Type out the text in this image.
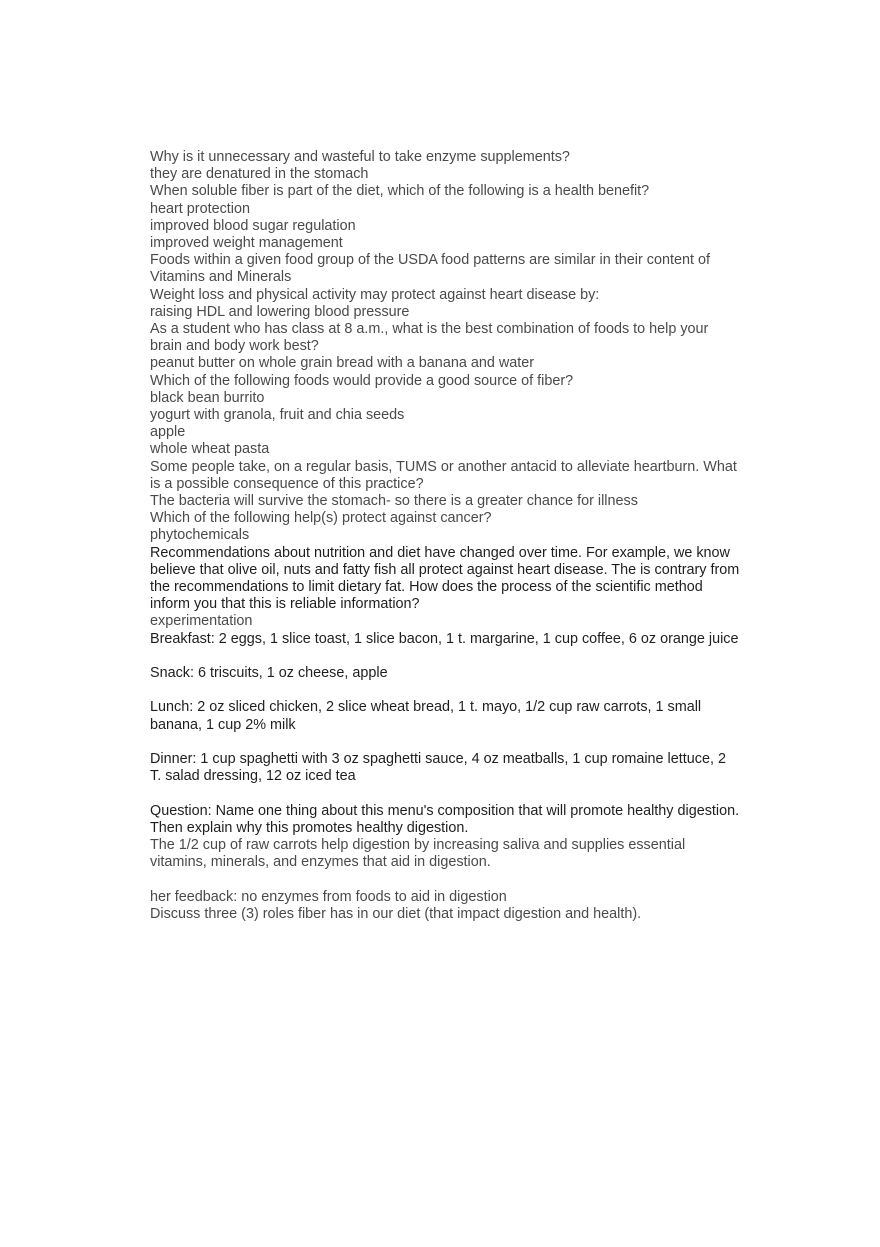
Why is it unnecessary and wasteful to take enzyme supplements?

they are denatured in the stomach

When soluble fiber is part of the diet, which of the following is a health benefit?

heart protection

improved blood sugar regulation

improved weight management

Foods within a given food group of the USDA food patterns are similar in their content of Vitamins and Minerals

Weight loss and physical activity may protect against heart disease by:

raising HDL and lowering blood pressure

As a student who has class at 8 a.m., what is the best combination of foods to help your brain and body work best?

peanut butter on whole grain bread with a banana and water

Which of the following foods would provide a good source of fiber?

black bean burrito

yogurt with granola, fruit and chia seeds

apple

whole wheat pasta

Some people take, on a regular basis, TUMS or another antacid to alleviate heartburn. What is a possible consequence of this practice?

The bacteria will survive the stomach- so there is a greater chance for illness

Which of the following help(s) protect against cancer?

phytochemicals

Recommendations about nutrition and diet have changed over time. For example, we know believe that olive oil, nuts and fatty fish all protect against heart disease. The is contrary from the recommendations to limit dietary fat. How does the process of the scientific method inform you that this is reliable information?

experimentation

Breakfast: 2 eggs, 1 slice toast, 1 slice bacon, 1 t. margarine, 1 cup coffee, 6 oz orange juice

Snack: 6 triscuits, 1 oz cheese, apple

Lunch: 2 oz sliced chicken, 2 slice wheat bread, 1 t. mayo, 1/2 cup raw carrots, 1 small banana, 1 cup 2% milk

Dinner: 1 cup spaghetti with 3 oz spaghetti sauce, 4 oz meatballs, 1 cup romaine lettuce, 2 T. salad dressing, 12 oz iced tea

Question: Name one thing about this menu's composition that will promote healthy digestion. Then explain why this promotes healthy digestion.

The 1/2 cup of raw carrots help digestion by increasing saliva and supplies essential vitamins, minerals, and enzymes that aid in digestion.

her feedback: no enzymes from foods to aid in digestion

Discuss three (3) roles fiber has in our diet (that impact digestion and health).
